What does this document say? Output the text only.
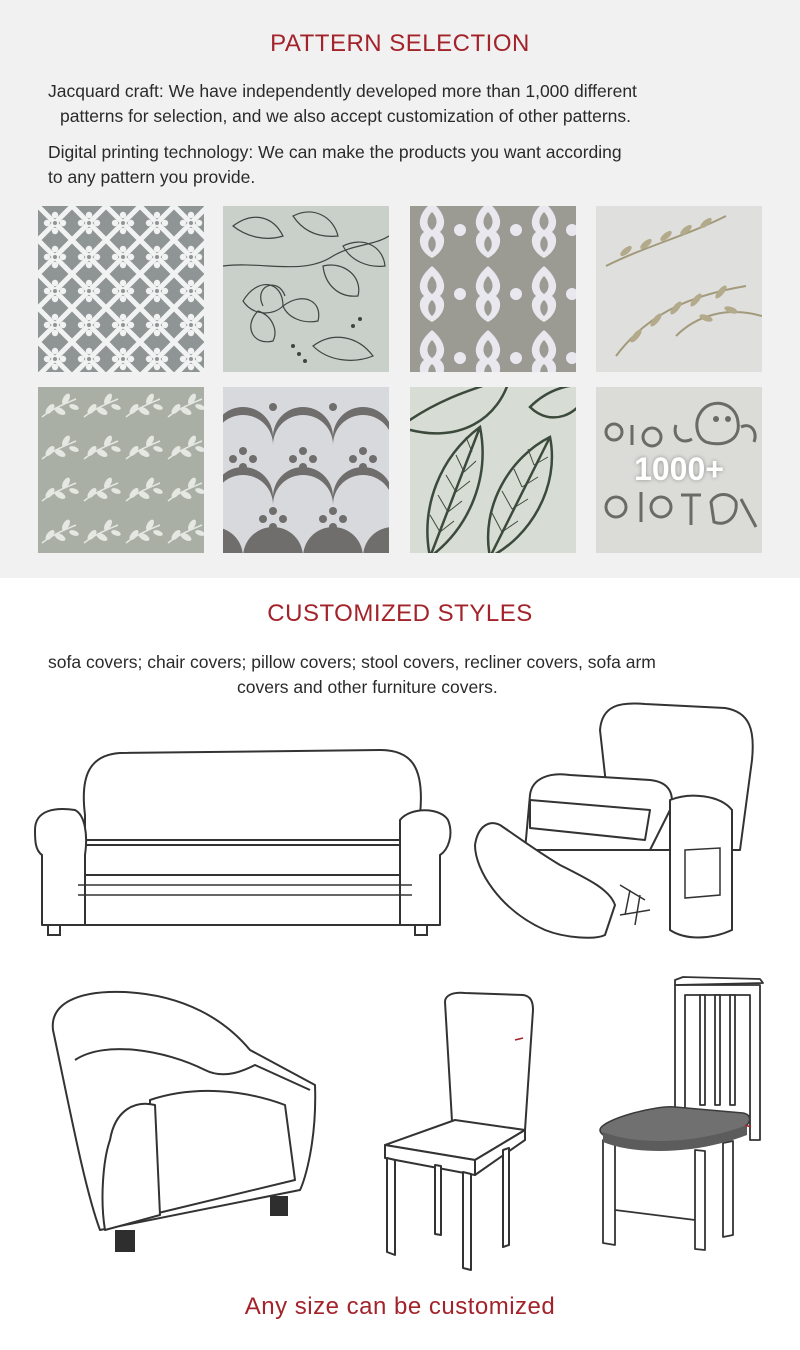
PATTERN SELECTION
Jacquard craft: We have independently developed more than 1,000 different
patterns for selection, and we also accept customization of other patterns.
Digital printing technology: We can make the products you want according
to any pattern you provide.
1000+
CUSTOMIZED STYLES
sofa covers; chair covers; pillow covers; stool covers, recliner covers, sofa arm
covers and other furniture covers.
Any size can be customized
